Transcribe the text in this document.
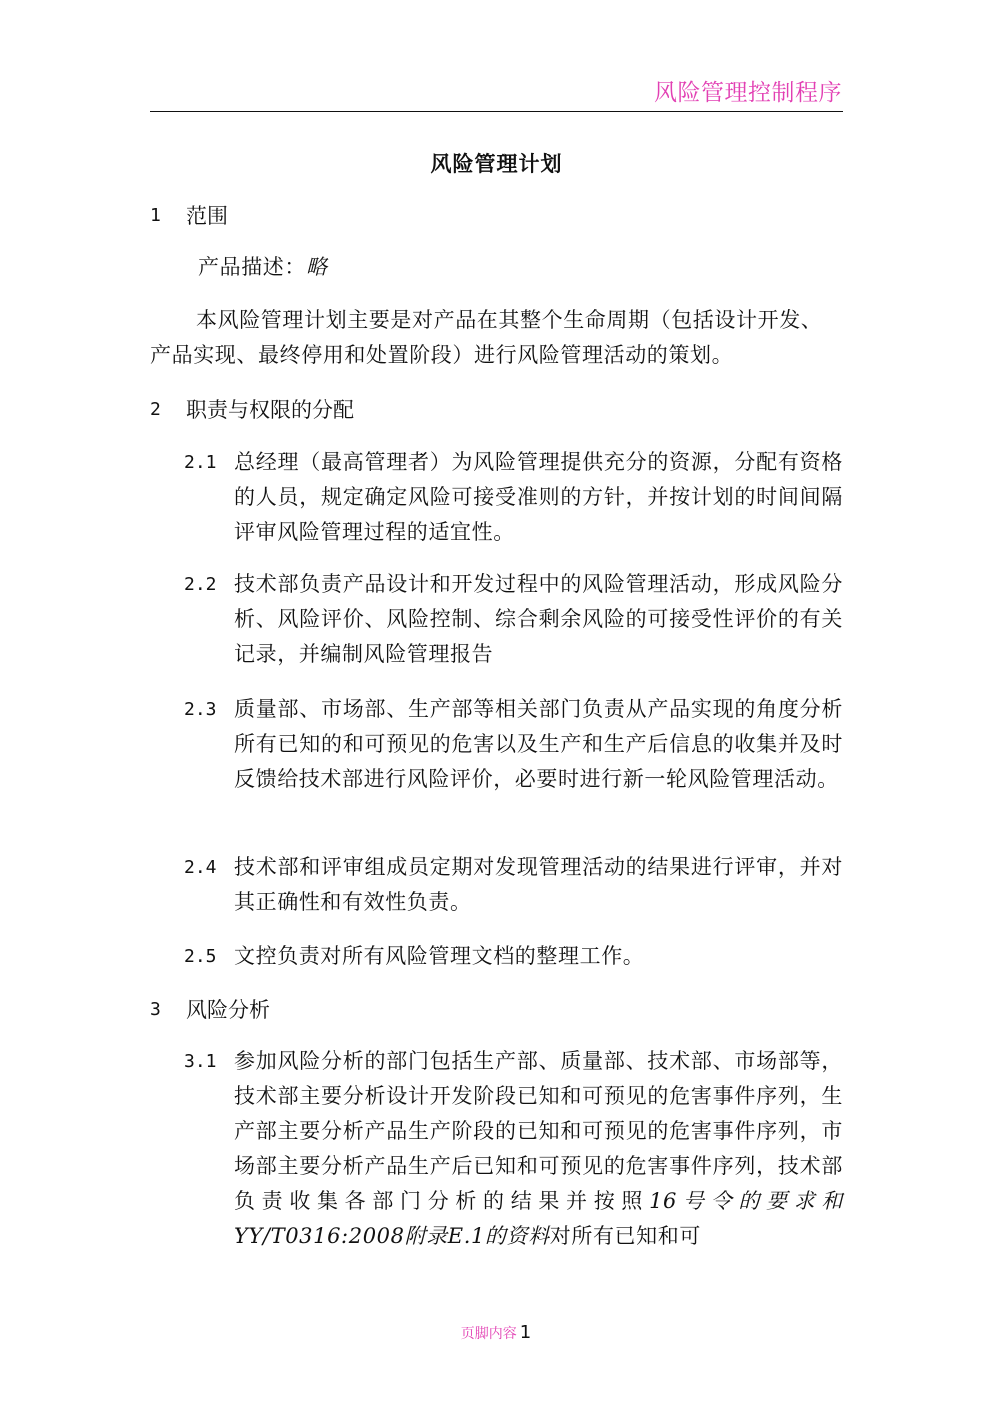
风险管理控制程序
风险管理计划
1 范围
产品描述：略
本风险管理计划主要是对产品在其整个生命周期（包括设计开发、产品实现、最终停用和处置阶段）进行风险管理活动的策划。
2 职责与权限的分配
2.1 总经理（最高管理者）为风险管理提供充分的资源，分配有资格的人员，规定确定风险可接受准则的方针，并按计划的时间间隔评审风险管理过程的适宜性。
2.2 技术部负责产品设计和开发过程中的风险管理活动，形成风险分析、风险评价、风险控制、综合剩余风险的可接受性评价的有关记录，并编制风险管理报告
2.3 质量部、市场部、生产部等相关部门负责从产品实现的角度分析所有已知的和可预见的危害以及生产和生产后信息的收集并及时反馈给技术部进行风险评价，必要时进行新一轮风险管理活动。
2.4 技术部和评审组成员定期对发现管理活动的结果进行评审，并对其正确性和有效性负责。
2.5 文控负责对所有风险管理文档的整理工作。
3 风险分析
3.1 参加风险分析的部门包括生产部、质量部、技术部、市场部等，技术部主要分析设计开发阶段已知和可预见的危害事件序列，生产部主要分析产品生产阶段的已知和可预见的危害事件序列，市场部主要分析产品生产后已知和可预见的危害事件序列，技术部负责收集各部门分析的结果并按照16号令的要求和YY/T0316:2008附录E.1的资料对所有已知和可
页脚内容 1
